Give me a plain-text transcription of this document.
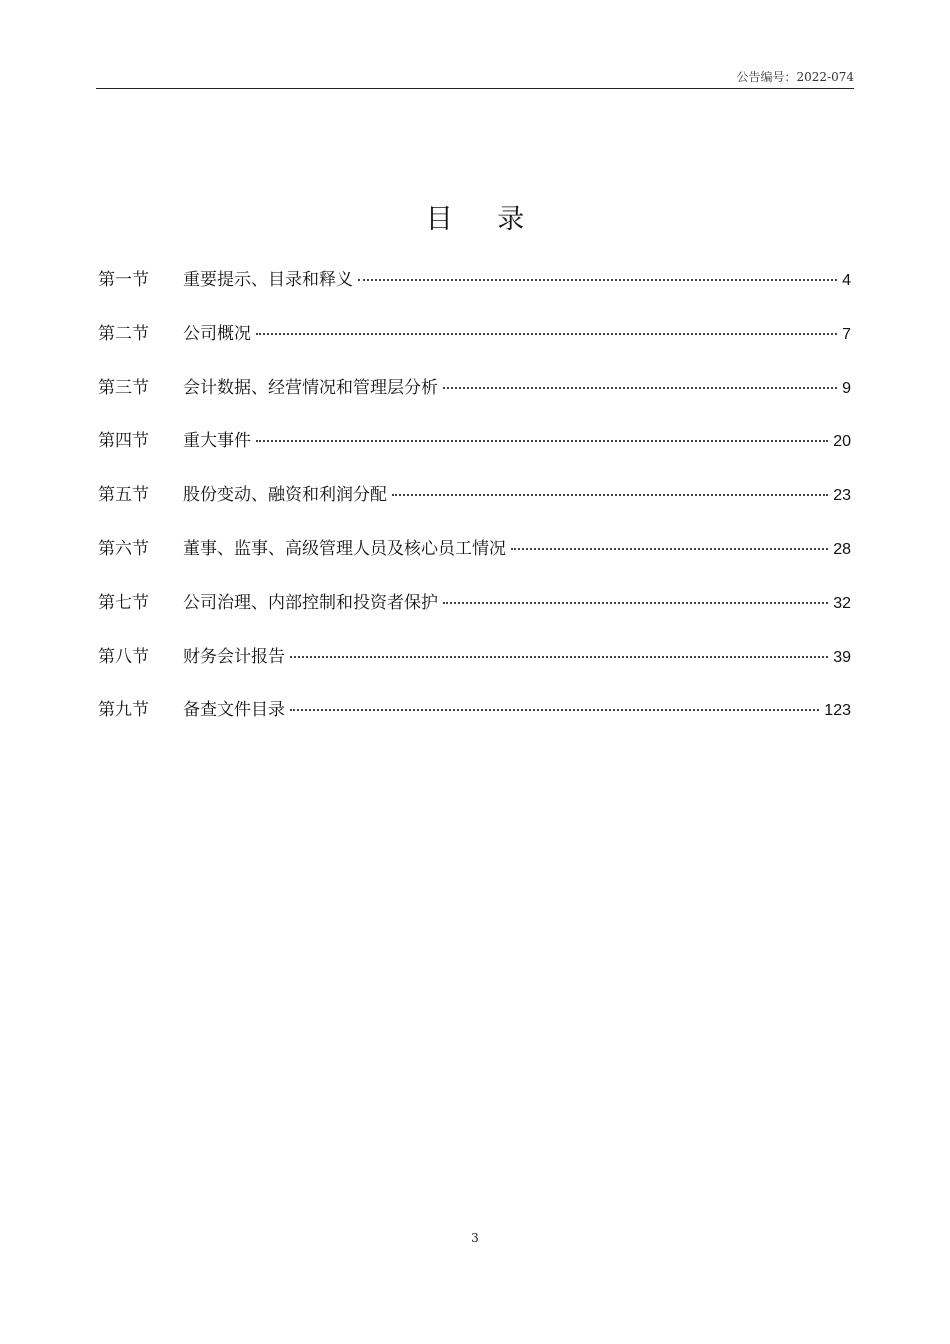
公告编号：2022-074
目 录
第一节	重要提示、目录和释义	4
第二节	公司概况	7
第三节	会计数据、经营情况和管理层分析	9
第四节	重大事件	20
第五节	股份变动、融资和利润分配	23
第六节	董事、监事、高级管理人员及核心员工情况	28
第七节	公司治理、内部控制和投资者保护	32
第八节	财务会计报告	39
第九节	备查文件目录	123
3
